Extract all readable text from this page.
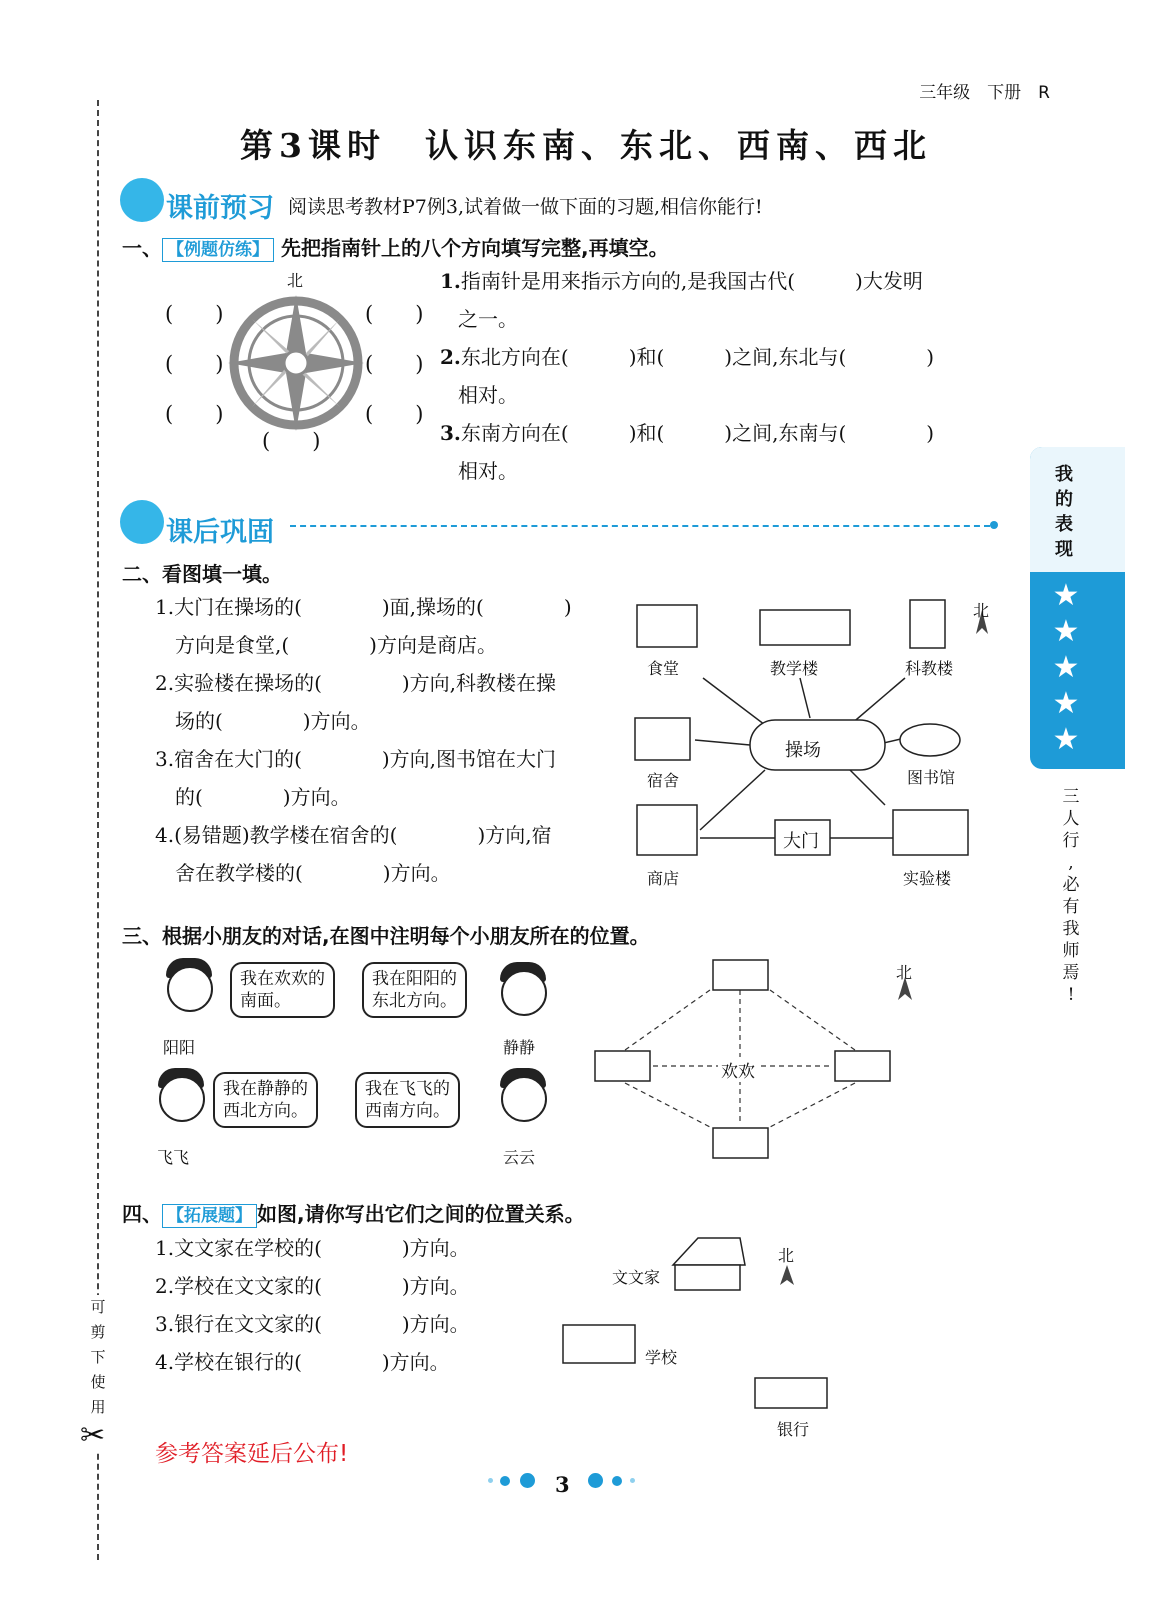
三年级　下册　R
可
剪
下
使
用
✂
第3课时　认识东南、东北、西南、西北
课前预习 阅读思考教材P7例3,试着做一做下面的习题,相信你能行!
一、 【例题仿练】 先把指南针上的八个方向填写完整,再填空。
北
(　　)	(　　)
(　　)	(　　)
(　　)	(　　)
(　　)
1.指南针是用来指示方向的,是我国古代(　　　)大发明
之一。
2.东北方向在(　　　)和(　　　)之间,东北与(　　　　)
相对。
3.东南方向在(　　　)和(　　　)之间,东南与(　　　　)
相对。
课后巩固
二、看图填一填。
1.大门在操场的(　　　　)面,操场的(　　　　)
　方向是食堂,(　　　　)方向是商店。
2.实验楼在操场的(　　　　)方向,科教楼在操
　场的(　　　　)方向。
3.宿舍在大门的(　　　　)方向,图书馆在大门
　的(　　　　)方向。
4.(易错题)教学楼在宿舍的(　　　　)方向,宿
　舍在教学楼的(　　　　)方向。
食堂	教学楼	科教楼
北
宿舍
操场
图书馆
大门
商店	实验楼
我
的
表
现
★
★
★
★
★
三
人
行
,
必
有
我
师
焉
!
三、根据小朋友的对话,在图中注明每个小朋友所在的位置。
阳阳
我在欢欢的
南面。
我在阳阳的
东北方向。
静静
飞飞
我在静静的
西北方向。
我在飞飞的
西南方向。
云云
欢欢
北
四、 【拓展题】 如图,请你写出它们之间的位置关系。
1.文文家在学校的(　　　　)方向。
2.学校在文文家的(　　　　)方向。
3.银行在文文家的(　　　　)方向。
4.学校在银行的(　　　　)方向。
文文家
北
学校
银行
参考答案延后公布!
3
